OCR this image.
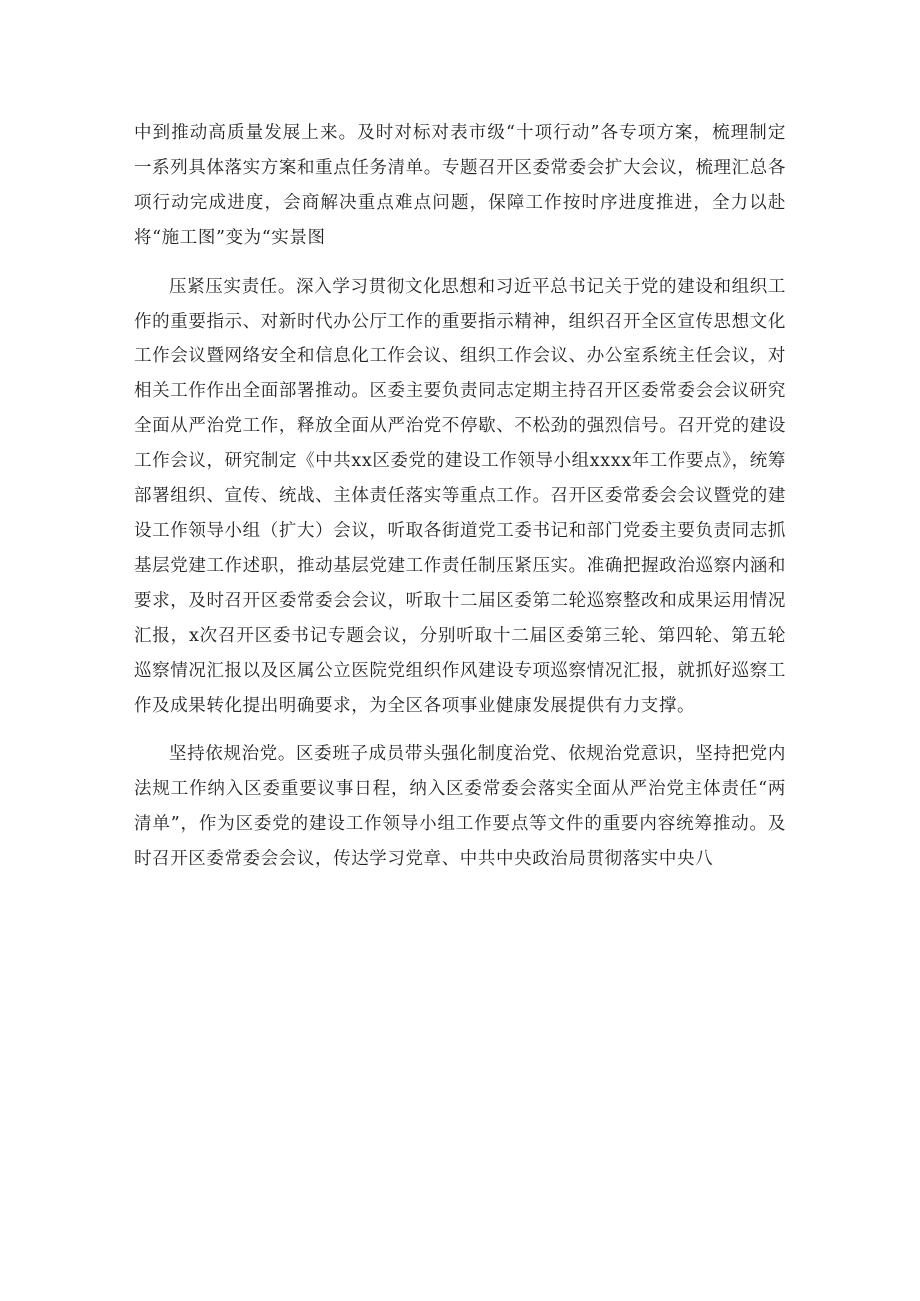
中到推动高质量发展上来。及时对标对表市级“十项行动”各专项方案，梳理制定一系列具体落实方案和重点任务清单。专题召开区委常委会扩大会议，梳理汇总各项行动完成进度，会商解决重点难点问题，保障工作按时序进度推进，全力以赴将“施工图”变为“实景图

压紧压实责任。深入学习贯彻文化思想和习近平总书记关于党的建设和组织工作的重要指示、对新时代办公厅工作的重要指示精神，组织召开全区宣传思想文化工作会议暨网络安全和信息化工作会议、组织工作会议、办公室系统主任会议，对相关工作作出全面部署推动。区委主要负责同志定期主持召开区委常委会会议研究全面从严治党工作，释放全面从严治党不停歇、不松劲的强烈信号。召开党的建设工作会议，研究制定《中共xx区委党的建设工作领导小组xxxx年工作要点》，统筹部署组织、宣传、统战、主体责任落实等重点工作。召开区委常委会会议暨党的建设工作领导小组（扩大）会议，听取各街道党工委书记和部门党委主要负责同志抓基层党建工作述职，推动基层党建工作责任制压紧压实。准确把握政治巡察内涵和要求，及时召开区委常委会会议，听取十二届区委第二轮巡察整改和成果运用情况汇报，x次召开区委书记专题会议，分别听取十二届区委第三轮、第四轮、第五轮巡察情况汇报以及区属公立医院党组织作风建设专项巡察情况汇报，就抓好巡察工作及成果转化提出明确要求，为全区各项事业健康发展提供有力支撑。

坚持依规治党。区委班子成员带头强化制度治党、依规治党意识，坚持把党内法规工作纳入区委重要议事日程，纳入区委常委会落实全面从严治党主体责任“两清单”，作为区委党的建设工作领导小组工作要点等文件的重要内容统筹推动。及时召开区委常委会会议，传达学习党章、中共中央政治局贯彻落实中央八
